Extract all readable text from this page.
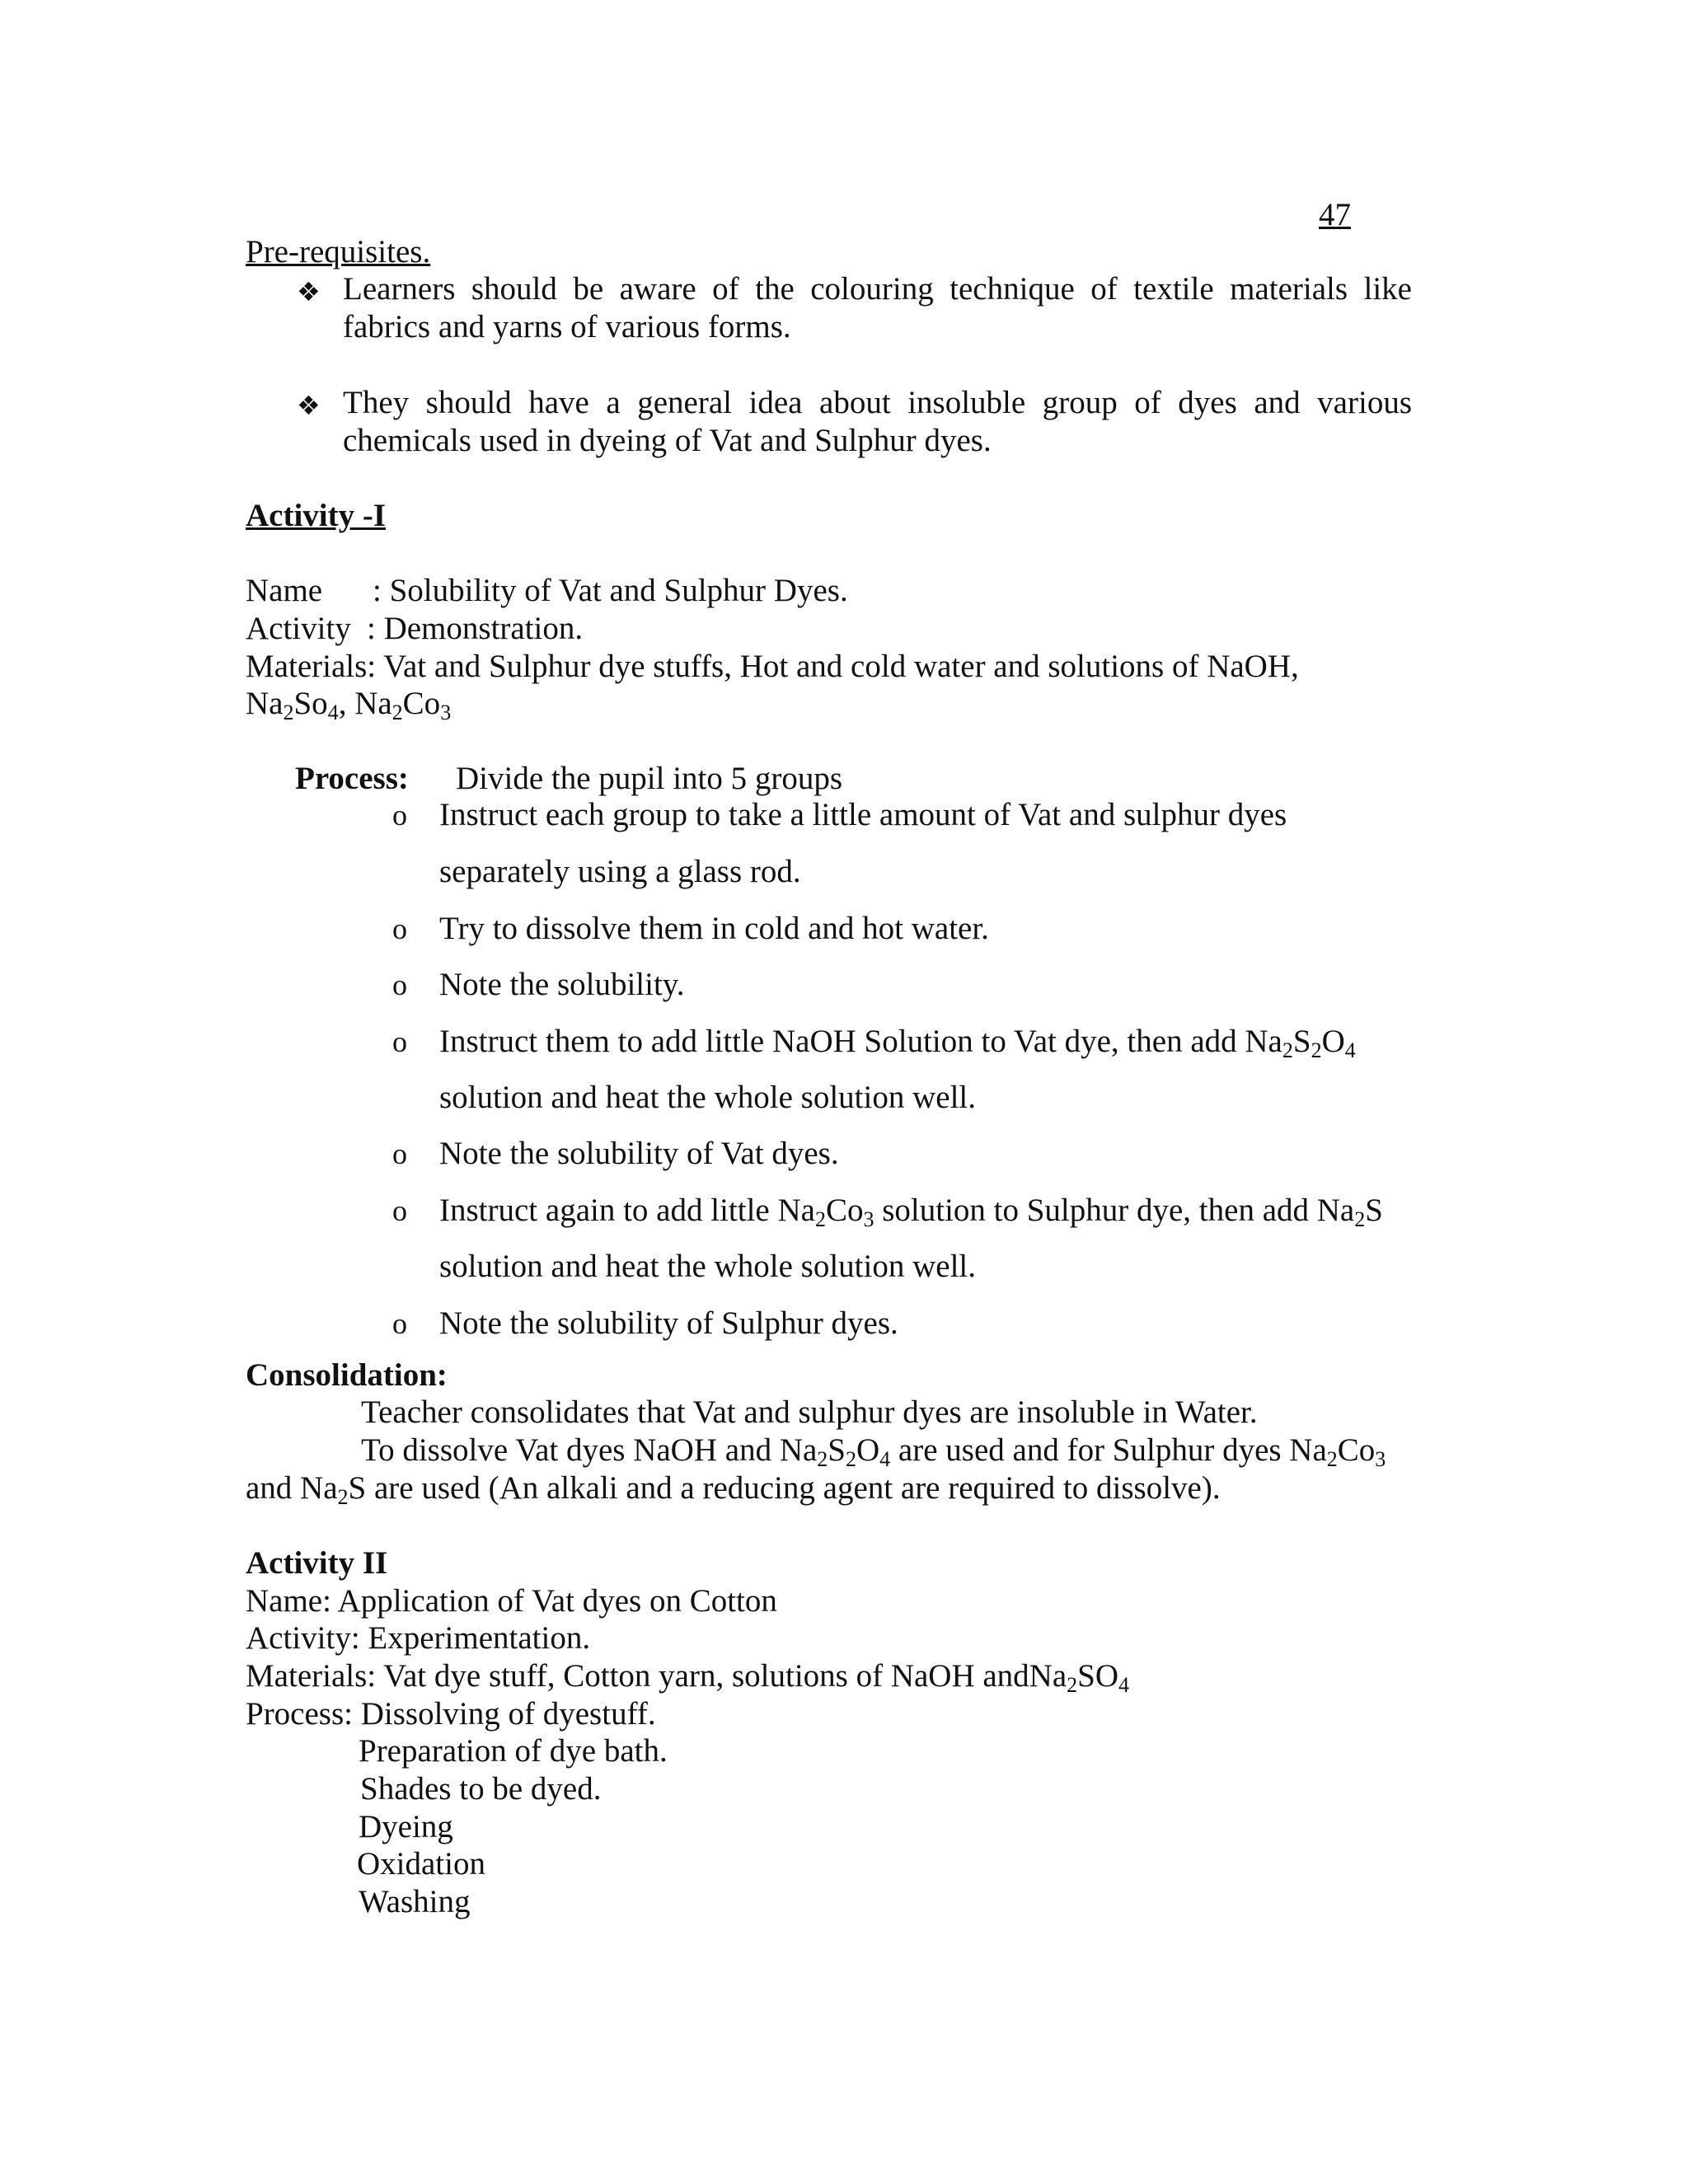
47
Pre-requisites.
❖ Learners should be aware of the colouring technique of textile materials like
fabrics and yarns of various forms.
❖ They should have a general idea about insoluble group of dyes and various
chemicals used in dyeing of Vat and Sulphur dyes.
Activity -I
Name : Solubility of Vat and Sulphur Dyes.
Activity : Demonstration.
Materials: Vat and Sulphur dye stuffs, Hot and cold water and solutions of NaOH,
$Na_2So_4$, $Na_2Co_3$
Process: Divide the pupil into 5 groups
o Instruct each group to take a little amount of Vat and sulphur dyes
separately using a glass rod.
o Try to dissolve them in cold and hot water.
o Note the solubility.
o Instruct them to add little NaOH Solution to Vat dye, then add $Na_2S_2O_4$
solution and heat the whole solution well.
o Note the solubility of Vat dyes.
o Instruct again to add little $Na_2Co_3$ solution to Sulphur dye, then add $Na_2S$
solution and heat the whole solution well.
o Note the solubility of Sulphur dyes.
Consolidation:
Teacher consolidates that Vat and sulphur dyes are insoluble in Water.
To dissolve Vat dyes NaOH and $Na_2S_2O_4$ are used and for Sulphur dyes $Na_2Co_3$
and $Na_2S$ are used (An alkali and a reducing agent are required to dissolve).
Activity II
Name: Application of Vat dyes on Cotton
Activity: Experimentation.
Materials: Vat dye stuff, Cotton yarn, solutions of NaOH $andNa_2SO_4$
Process: Dissolving of dyestuff.
Preparation of dye bath.
Shades to be dyed.
Dyeing
Oxidation
Washing
